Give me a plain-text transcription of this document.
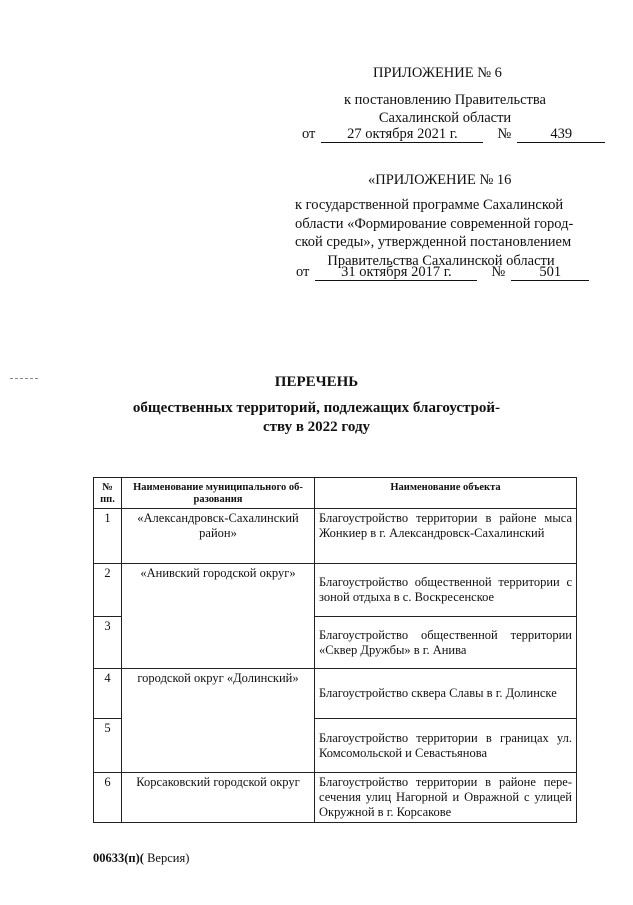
ПРИЛОЖЕНИЕ № 6
к постановлению Правительства
Сахалинской области
от	27 октября 2021 г.	№	439
«ПРИЛОЖЕНИЕ № 16
к государственной программе Сахалинской
области «Формирование современной город-
ской среды», утвержденной постановлением
Правительства Сахалинской области
от	31 октября 2017 г.	№	501
ПЕРЕЧЕНЬ
общественных территорий, подлежащих благоустрой-
ству в 2022 году
№ пп.	Наименование муниципального об-разования	Наименование объекта
1	«Александровск-Сахалинский район»	Благоустройство территории в районе мыса Жонкиер в г. Александровск-Сахалинский
2	«Анивский городской округ»	Благоустройство общественной территории с зоной отдыха в с. Воскресенское
3		Благоустройство общественной территории «Сквер Дружбы» в г. Анива
4	городской округ «Долинский»	Благоустройство сквера Славы в г. Долинске
5		Благоустройство территории в границах ул. Комсомольской и Севастьянова
6	Корсаковский городской округ	Благоустройство территории в районе пере-сечения улиц Нагорной и Овражной с улицей Окружной в г. Корсакове
00633(п)( Версия)
